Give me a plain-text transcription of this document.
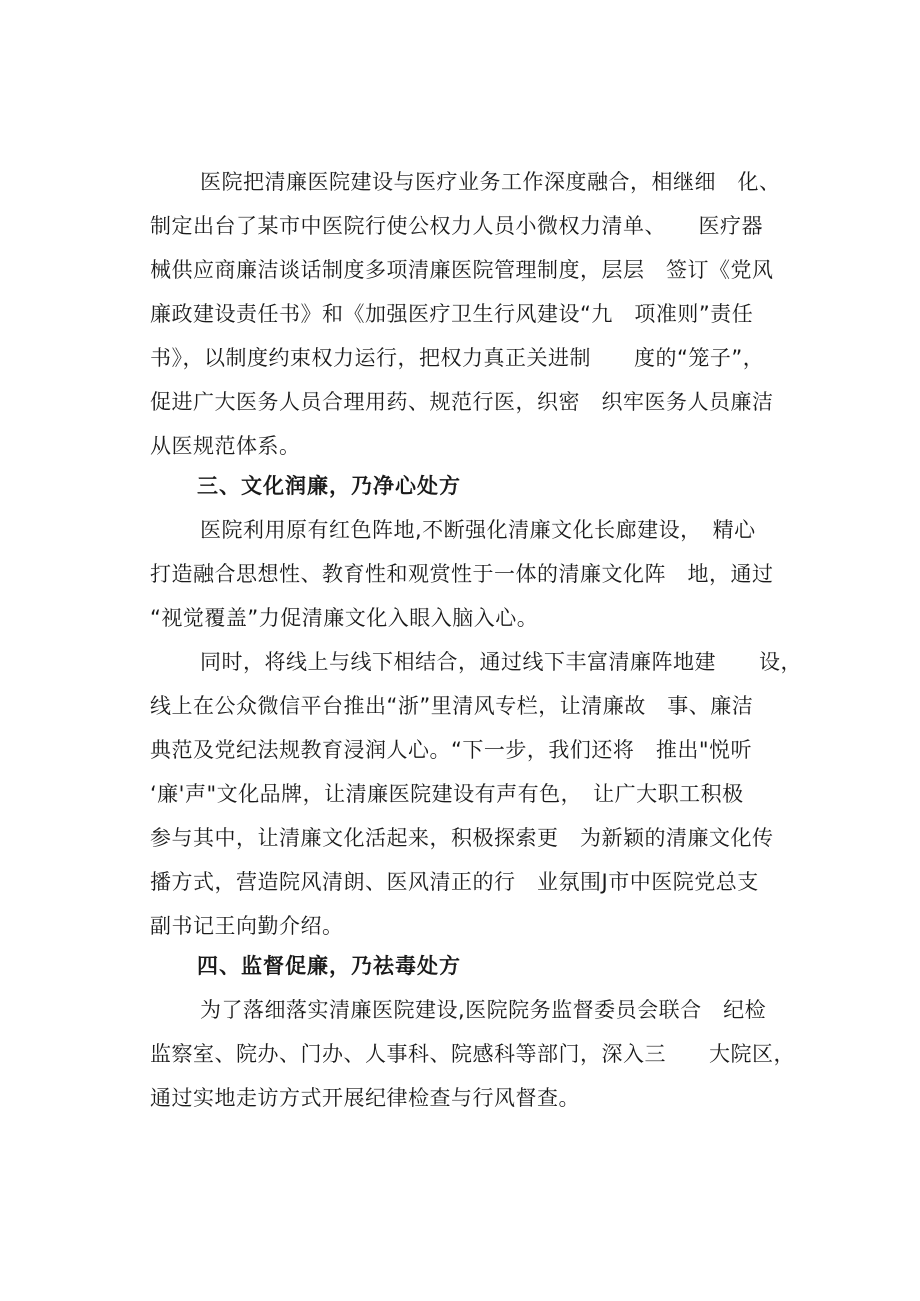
医院把清廉医院建设与医疗业务工作深度融合，相继细　化、
制定出台了某市中医院行使公权力人员小微权力清单、　　医疗器
械供应商廉洁谈话制度多项清廉医院管理制度，层层　签订《党风
廉政建设责任书》和《加强医疗卫生行风建设“九　项准则”责任
书》，以制度约束权力运行，把权力真正关进制　　度的“笼子”，
促进广大医务人员合理用药、规范行医，织密　织牢医务人员廉洁
从医规范体系。
三、文化润廉，乃净心处方
医院利用原有红色阵地,不断强化清廉文化长廊建设，　精心
打造融合思想性、教育性和观赏性于一体的清廉文化阵　地，通过
“视觉覆盖”力促清廉文化入眼入脑入心。
同时，将线上与线下相结合，通过线下丰富清廉阵地建　　设，
线上在公众微信平台推出“浙”里清风专栏，让清廉故　事、廉洁
典范及党纪法规教育浸润人心。“下一步，我们还将　推出"悦听
‘廉'声"文化品牌，让清廉医院建设有声有色，　让广大职工积极
参与其中，让清廉文化活起来，积极探索更　为新颖的清廉文化传
播方式，营造院风清朗、医风清正的行　业氛围J市中医院党总支
副书记王向勤介绍。
四、监督促廉，乃祛毒处方
为了落细落实清廉医院建设,医院院务监督委员会联合　纪检
监察室、院办、门办、人事科、院感科等部门，深入三　　大院区，
通过实地走访方式开展纪律检查与行风督查。
